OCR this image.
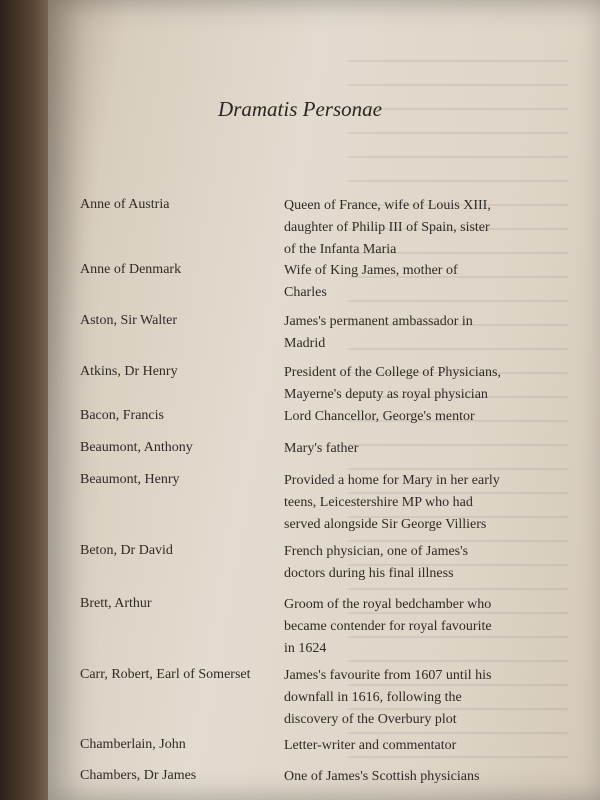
Dramatis Personae
Anne of Austria	Queen of France, wife of Louis XIII,
daughter of Philip III of Spain, sister
of the Infanta Maria
Anne of Denmark	Wife of King James, mother of
Charles
Aston, Sir Walter	James's permanent ambassador in
Madrid
Atkins, Dr Henry	President of the College of Physicians,
Mayerne's deputy as royal physician
Bacon, Francis	Lord Chancellor, George's mentor
Beaumont, Anthony	Mary's father
Beaumont, Henry	Provided a home for Mary in her early
teens, Leicestershire MP who had
served alongside Sir George Villiers
Beton, Dr David	French physician, one of James's
doctors during his final illness
Brett, Arthur	Groom of the royal bedchamber who
became contender for royal favourite
in 1624
Carr, Robert, Earl of Somerset	James's favourite from 1607 until his
downfall in 1616, following the
discovery of the Overbury plot
Chamberlain, John	Letter-writer and commentator
Chambers, Dr James	One of James's Scottish physicians
